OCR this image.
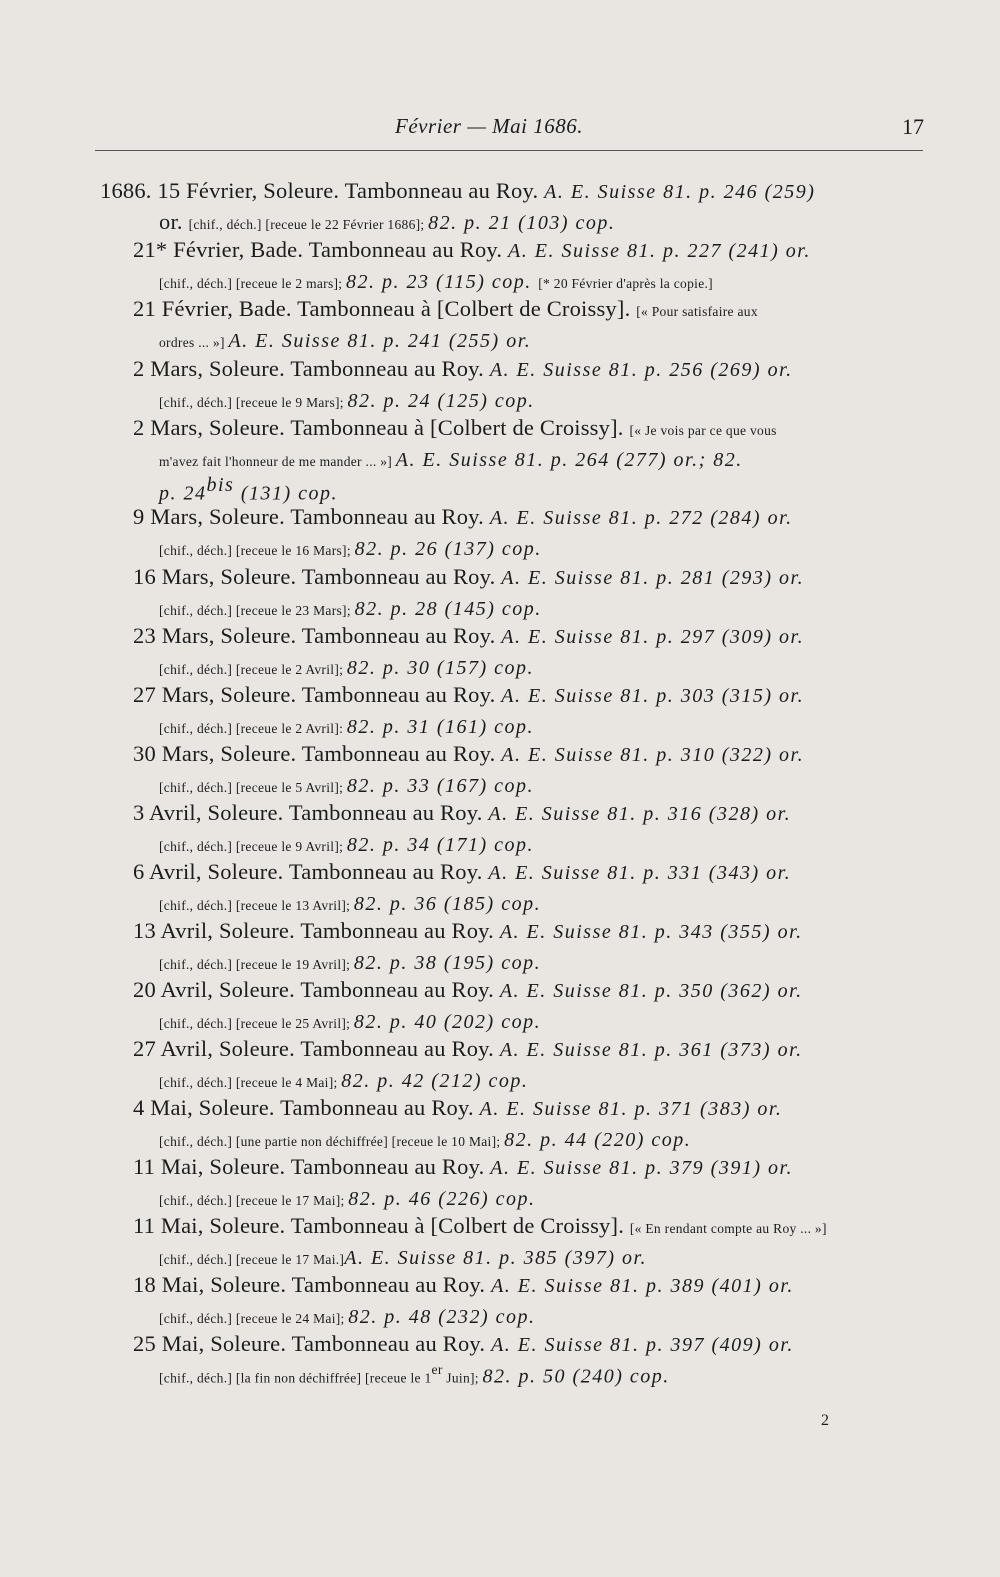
Février — Mai 1686.	17
1686. 15 Février, Soleure. Tambonneau au Roy. A. E. Suisse 81. p. 246 (259)
or. [chif., déch.] [receue le 22 Février 1686]; 82. p. 21 (103) cop.
21* Février, Bade. Tambonneau au Roy. A. E. Suisse 81. p. 227 (241) or.
[chif., déch.] [receue le 2 mars]; 82. p. 23 (115) cop. [* 20 Février d'après la copie.]
21 Février, Bade. Tambonneau à [Colbert de Croissy]. [« Pour satisfaire aux
ordres ... »] A. E. Suisse 81. p. 241 (255) or.
2 Mars, Soleure. Tambonneau au Roy. A. E. Suisse 81. p. 256 (269) or.
[chif., déch.] [receue le 9 Mars]; 82. p. 24 (125) cop.
2 Mars, Soleure. Tambonneau à [Colbert de Croissy]. [« Je vois par ce que vous
m'avez fait l'honneur de me mander ... »] A. E. Suisse 81. p. 264 (277) or.; 82.
p. $24^{bis}$ (131) cop.
9 Mars, Soleure. Tambonneau au Roy. A. E. Suisse 81. p. 272 (284) or.
[chif., déch.] [receue le 16 Mars]; 82. p. 26 (137) cop.
16 Mars, Soleure. Tambonneau au Roy. A. E. Suisse 81. p. 281 (293) or.
[chif., déch.] [receue le 23 Mars]; 82. p. 28 (145) cop.
23 Mars, Soleure. Tambonneau au Roy. A. E. Suisse 81. p. 297 (309) or.
[chif., déch.] [receue le 2 Avril]; 82. p. 30 (157) cop.
27 Mars, Soleure. Tambonneau au Roy. A. E. Suisse 81. p. 303 (315) or.
[chif., déch.] [receue le 2 Avril]: 82. p. 31 (161) cop.
30 Mars, Soleure. Tambonneau au Roy. A. E. Suisse 81. p. 310 (322) or.
[chif., déch.] [receue le 5 Avril]; 82. p. 33 (167) cop.
3 Avril, Soleure. Tambonneau au Roy. A. E. Suisse 81. p. 316 (328) or.
[chif., déch.] [receue le 9 Avril]; 82. p. 34 (171) cop.
6 Avril, Soleure. Tambonneau au Roy. A. E. Suisse 81. p. 331 (343) or.
[chif., déch.] [receue le 13 Avril]; 82. p. 36 (185) cop.
13 Avril, Soleure. Tambonneau au Roy. A. E. Suisse 81. p. 343 (355) or.
[chif., déch.] [receue le 19 Avril]; 82. p. 38 (195) cop.
20 Avril, Soleure. Tambonneau au Roy. A. E. Suisse 81. p. 350 (362) or.
[chif., déch.] [receue le 25 Avril]; 82. p. 40 (202) cop.
27 Avril, Soleure. Tambonneau au Roy. A. E. Suisse 81. p. 361 (373) or.
[chif., déch.] [receue le 4 Mai]; 82. p. 42 (212) cop.
4 Mai, Soleure. Tambonneau au Roy. A. E. Suisse 81. p. 371 (383) or.
[chif., déch.] [une partie non déchiffrée] [receue le 10 Mai]; 82. p. 44 (220) cop.
11 Mai, Soleure. Tambonneau au Roy. A. E. Suisse 81. p. 379 (391) or.
[chif., déch.] [receue le 17 Mai]; 82. p. 46 (226) cop.
11 Mai, Soleure. Tambonneau à [Colbert de Croissy]. [« En rendant compte au Roy ... »]
[chif., déch.] [receue le 17 Mai.]A. E. Suisse 81. p. 385 (397) or.
18 Mai, Soleure. Tambonneau au Roy. A. E. Suisse 81. p. 389 (401) or.
[chif., déch.] [receue le 24 Mai]; 82. p. 48 (232) cop.
25 Mai, Soleure. Tambonneau au Roy. A. E. Suisse 81. p. 397 (409) or.
[chif., déch.] [la fin non déchiffrée] [receue le 1er Juin]; 82. p. 50 (240) cop.
2
